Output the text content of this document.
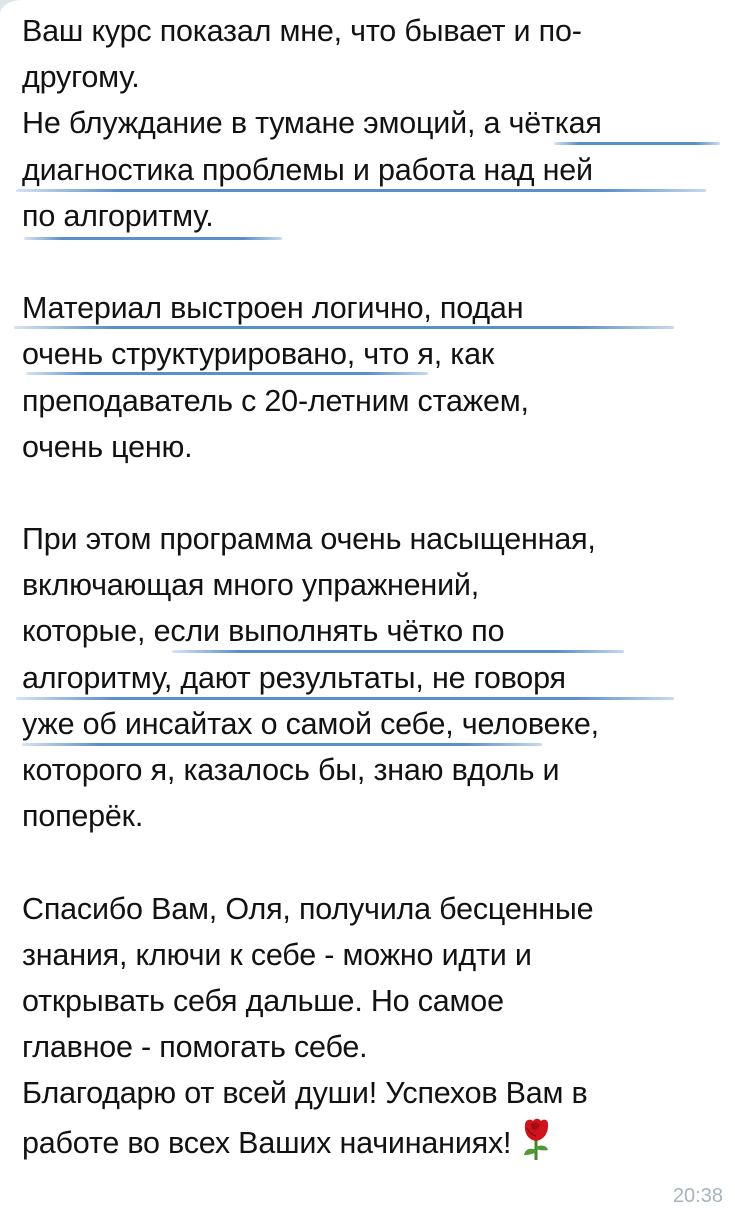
Ваш курс показал мне, что бывает и по-
другому.
Не блуждание в тумане эмоций, а чёткая
диагностика проблемы и работа над ней
по алгоритму.
Материал выстроен логично, подан
очень структурировано, что я, как
преподаватель с 20-летним стажем,
очень ценю.
При этом программа очень насыщенная,
включающая много упражнений,
которые, если выполнять чётко по
алгоритму, дают результаты, не говоря
уже об инсайтах о самой себе, человеке,
которого я, казалось бы, знаю вдоль и
поперёк.
Спасибо Вам, Оля, получила бесценные
знания, ключи к себе - можно идти и
открывать себя дальше. Но самое
главное - помогать себе.
Благодарю от всей души! Успехов Вам в
работе во всех Ваших начинаниях!
20:38
